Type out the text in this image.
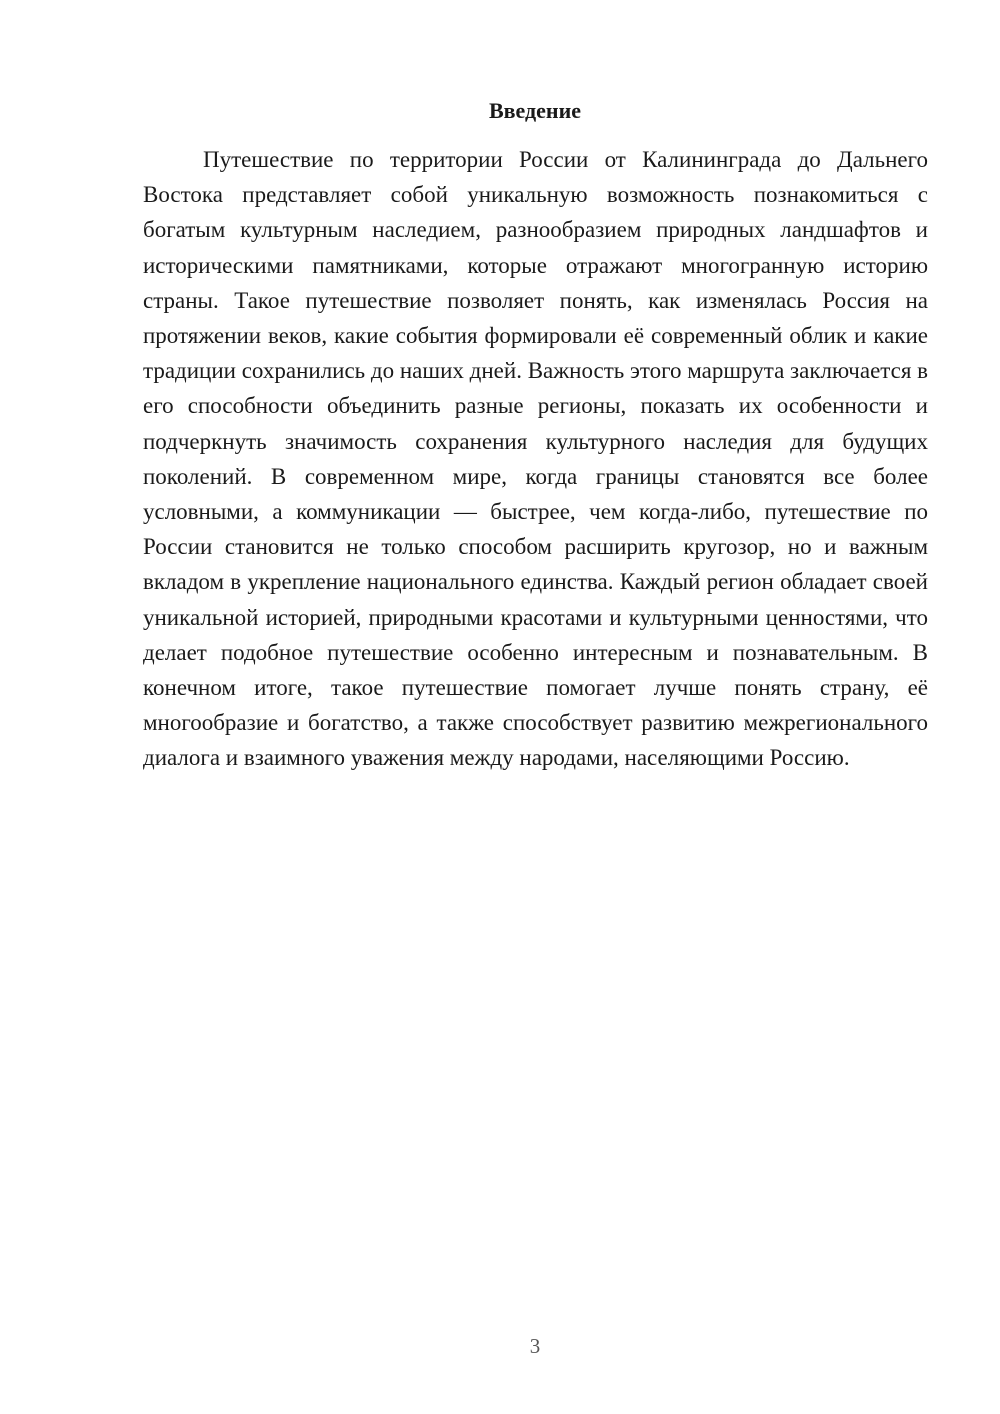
Введение

Путешествие по территории России от Калининграда до Дальнего Востока представляет собой уникальную возможность познакомиться с богатым культурным наследием, разнообразием природных ландшафтов и историческими памятниками, которые отражают многогранную историю страны. Такое путешествие позволяет понять, как изменялась Россия на протяжении веков, какие события формировали её современный облик и какие традиции сохранились до наших дней. Важность этого маршрута заключается в его способности объединить разные регионы, показать их особенности и подчеркнуть значимость сохранения культурного наследия для будущих поколений. В современном мире, когда границы становятся все более условными, а коммуникации — быстрее, чем когда-либо, путешествие по России становится не только способом расширить кругозор, но и важным вкладом в укрепление национального единства. Каждый регион обладает своей уникальной историей, природными красотами и культурными ценностями, что делает подобное путешествие особенно интересным и познавательным. В конечном итоге, такое путешествие помогает лучше понять страну, её многообразие и богатство, а также способствует развитию межрегионального диалога и взаимного уважения между народами, населяющими Россию.

3
